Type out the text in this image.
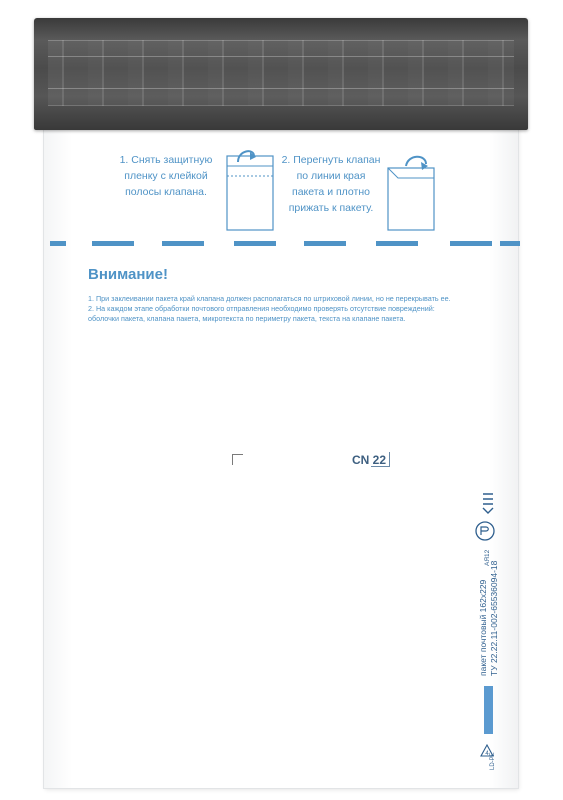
1. Снять защитную
пленку с клейкой
полосы клапана.
2. Перегнуть клапан
по линии края
пакета и плотно
прижать к пакету.
Внимание!
1. При заклеивании пакета край клапана должен располагаться по штриховой линии, но не перекрывать ее.
2. На каждом этапе обработки почтового отправления необходимо проверять отсутствие повреждений:
оболочки пакета, клапана пакета, микротекста по периметру пакета, текста на клапане пакета.
CN 22
АЯ12
пакет почтовый 162х229 ТУ 22.22.11-002-65536094-18
4 LD-PE
